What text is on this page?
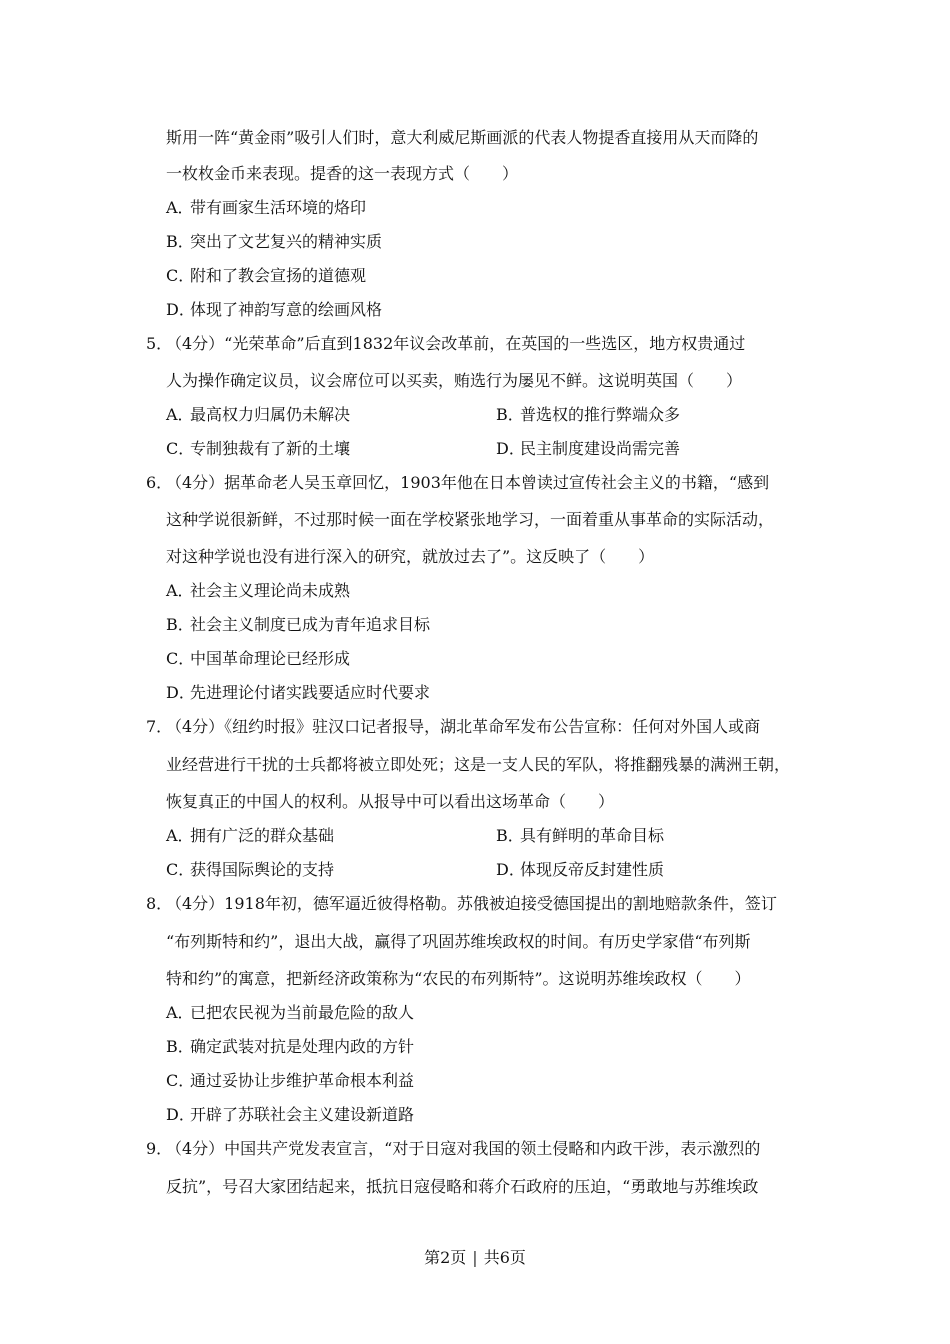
斯用一阵“黄金雨”吸引人们时，意大利威尼斯画派的代表人物提香直接用从天而降的
一枚枚金币来表现。提香的这一表现方式（　　）
A．带有画家生活环境的烙印
B．突出了文艺复兴的精神实质
C．附和了教会宣扬的道德观
D．体现了神韵写意的绘画风格
5．
（4分）“光荣革命”后直到1832年议会改革前，在英国的一些选区，地方权贵通过
人为操作确定议员，议会席位可以买卖，贿选行为屡见不鲜。这说明英国（　　）
A．最高权力归属仍未解决	B．普选权的推行弊端众多
C．专制独裁有了新的土壤	D．民主制度建设尚需完善
6．
（4分）据革命老人吴玉章回忆，1903年他在日本曾读过宣传社会主义的书籍，“感到
这种学说很新鲜，不过那时候一面在学校紧张地学习，一面着重从事革命的实际活动，
对这种学说也没有进行深入的研究，就放过去了”。这反映了（　　）
A．社会主义理论尚未成熟
B．社会主义制度已成为青年追求目标
C．中国革命理论已经形成
D．先进理论付诸实践要适应时代要求
7．
（4分）《纽约时报》驻汉口记者报导，湖北革命军发布公告宣称：任何对外国人或商
业经营进行干扰的士兵都将被立即处死；这是一支人民的军队，将推翻残暴的满洲王朝，
恢复真正的中国人的权利。从报导中可以看出这场革命（　　）
A．拥有广泛的群众基础	B．具有鲜明的革命目标
C．获得国际舆论的支持	D．体现反帝反封建性质
8．
（4分）1918年初，德军逼近彼得格勒。苏俄被迫接受德国提出的割地赔款条件，签订
“布列斯特和约”，退出大战，赢得了巩固苏维埃政权的时间。有历史学家借“布列斯
特和约”的寓意，把新经济政策称为“农民的布列斯特”。这说明苏维埃政权（　　）
A．已把农民视为当前最危险的敌人
B．确定武装对抗是处理内政的方针
C．通过妥协让步维护革命根本利益
D．开辟了苏联社会主义建设新道路
9．
（4分）中国共产党发表宣言，“对于日寇对我国的领土侵略和内政干涉，表示激烈的
反抗”，号召大家团结起来，抵抗日寇侵略和蒋介石政府的压迫，“勇敢地与苏维埃政
第2页 | 共6页
